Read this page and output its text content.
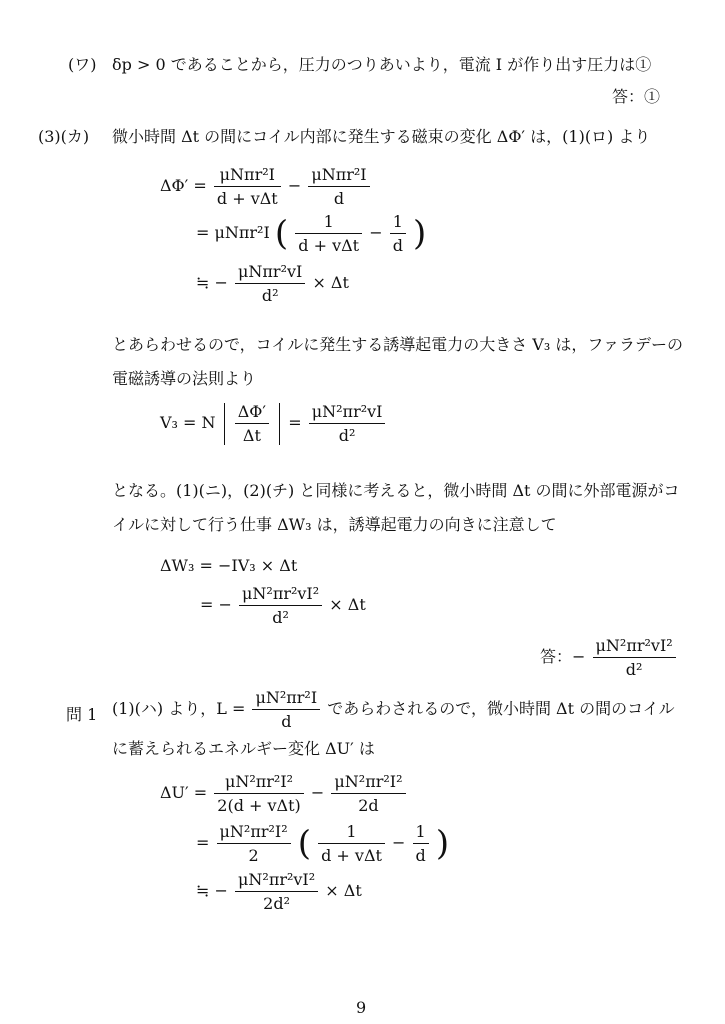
(ワ) δp > 0 であることから，圧力のつりあいより，電流 I が作り出す圧力は①
答：①
(3)(カ) 微小時間 Δt の間にコイル内部に発生する磁束の変化 ΔΦ′ は，(1)(ロ) より
$\Delta\Phi' = \frac{\text{μNπr²I}}{\text{d + vΔt}} - \frac{\text{μNπr²I}}{d}$
= μNπr²I ( $\frac{1}{\text{d + vΔt}} - \frac{1}{d}$ )
≒ − $\frac{\text{μNπr²vI}}{\text{d²}} \times \Delta t$
とあらわせるので，コイルに発生する誘導起電力の大きさ V₃ は，ファラデーの
電磁誘導の法則より
V₃ = N $\frac{\Delta\Phi'}{\Delta t} = \frac{\text{μN²πr²vI}}{\text{d²}}$
となる。(1)(ニ)，(2)(チ) と同様に考えると，微小時間 Δt の間に外部電源がコ
イルに対して行う仕事 ΔW₃ は，誘導起電力の向きに注意して
ΔW₃ = −IV₃ × Δt
= − $\frac{\text{μN²πr²vI²}}{\text{d²}} \times \Delta t$
答：− $\frac{\text{μN²πr²vI²}}{\text{d²}}$
問 1 (1)(ハ) より，$L = \frac{\text{μN²πr²I}}{d}$ であらわされるので，微小時間 Δt の間のコイル
に蓄えられるエネルギー変化 ΔU′ は
$\Delta U' = \frac{\text{μN²πr²I²}}{\text{2(d + vΔt)}} - \frac{\text{μN²πr²I²}}{2d}$
= $\frac{\text{μN²πr²I²}}{2}$ ( $\frac{1}{\text{d + vΔt}} - \frac{1}{d}$ )
≒ − $\frac{\text{μN²πr²vI²}}{\text{2d²}} \times \Delta t$
9
